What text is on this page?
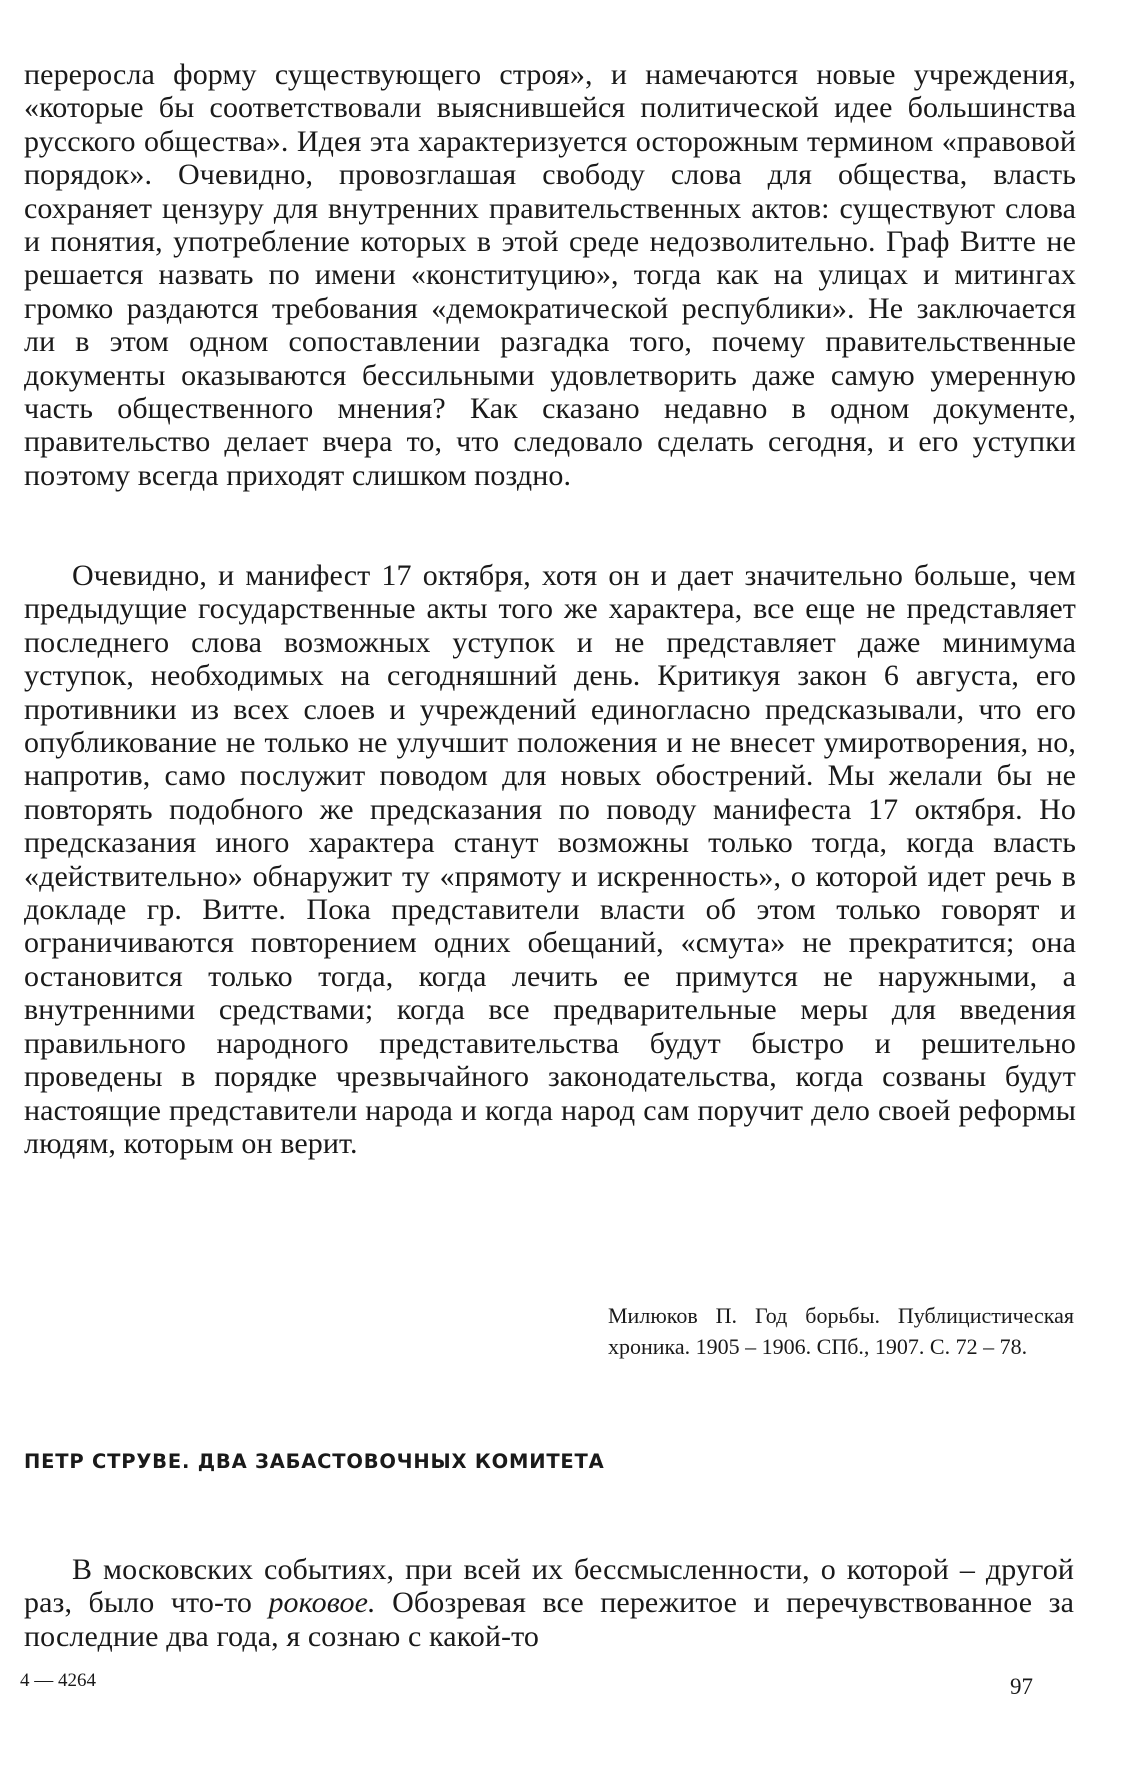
переросла форму существующего строя», и намечаются новые учреждения, «которые бы соответствовали выяснившейся политической идее большинства русского общества». Идея эта характеризуется осторожным термином «правовой порядок». Очевидно, провозглашая свободу слова для общества, власть сохраняет цензуру для внутренних правительственных актов: существуют слова и понятия, употребление которых в этой среде недозволительно. Граф Витте не решается назвать по имени «конституцию», тогда как на улицах и митингах громко раздаются требования «демократической республики». Не заключается ли в этом одном сопоставлении разгадка того, почему правительственные документы оказываются бессильными удовлетворить даже самую умеренную часть общественного мнения? Как сказано недавно в одном документе, правительство делает вчера то, что следовало сделать сегодня, и его уступки поэтому всегда приходят слишком поздно.

Очевидно, и манифест 17 октября, хотя он и дает значительно больше, чем предыдущие государственные акты того же характера, все еще не представляет последнего слова возможных уступок и не представляет даже минимума уступок, необходимых на сегодняшний день. Критикуя закон 6 августа, его противники из всех слоев и учреждений единогласно предсказывали, что его опубликование не только не улучшит положения и не внесет умиротворения, но, напротив, само послужит поводом для новых обострений. Мы желали бы не повторять подобного же предсказания по поводу манифеста 17 октября. Но предсказания иного характера станут возможны только тогда, когда власть «действительно» обнаружит ту «прямоту и искренность», о которой идет речь в докладе гр. Витте. Пока представители власти об этом только говорят и ограничиваются повторением одних обещаний, «смута» не прекратится; она остановится только тогда, когда лечить ее примутся не наружными, а внутренними средствами; когда все предварительные меры для введения правильного народного представительства будут быстро и решительно проведены в порядке чрезвычайного законодательства, когда созваны будут настоящие представители народа и когда народ сам поручит дело своей реформы людям, которым он верит.

Милюков П. Год борьбы. Публицистическая хроника. 1905 – 1906. СПб., 1907. С. 72 – 78.

ПЕТР СТРУВЕ. ДВА ЗАБАСТОВОЧНЫХ КОМИТЕТА

В московских событиях, при всей их бессмысленности, о которой – другой раз, было что-то роковое. Обозревая все пережитое и перечувствованное за последние два года, я сознаю с какой-то

4 — 4264	97
